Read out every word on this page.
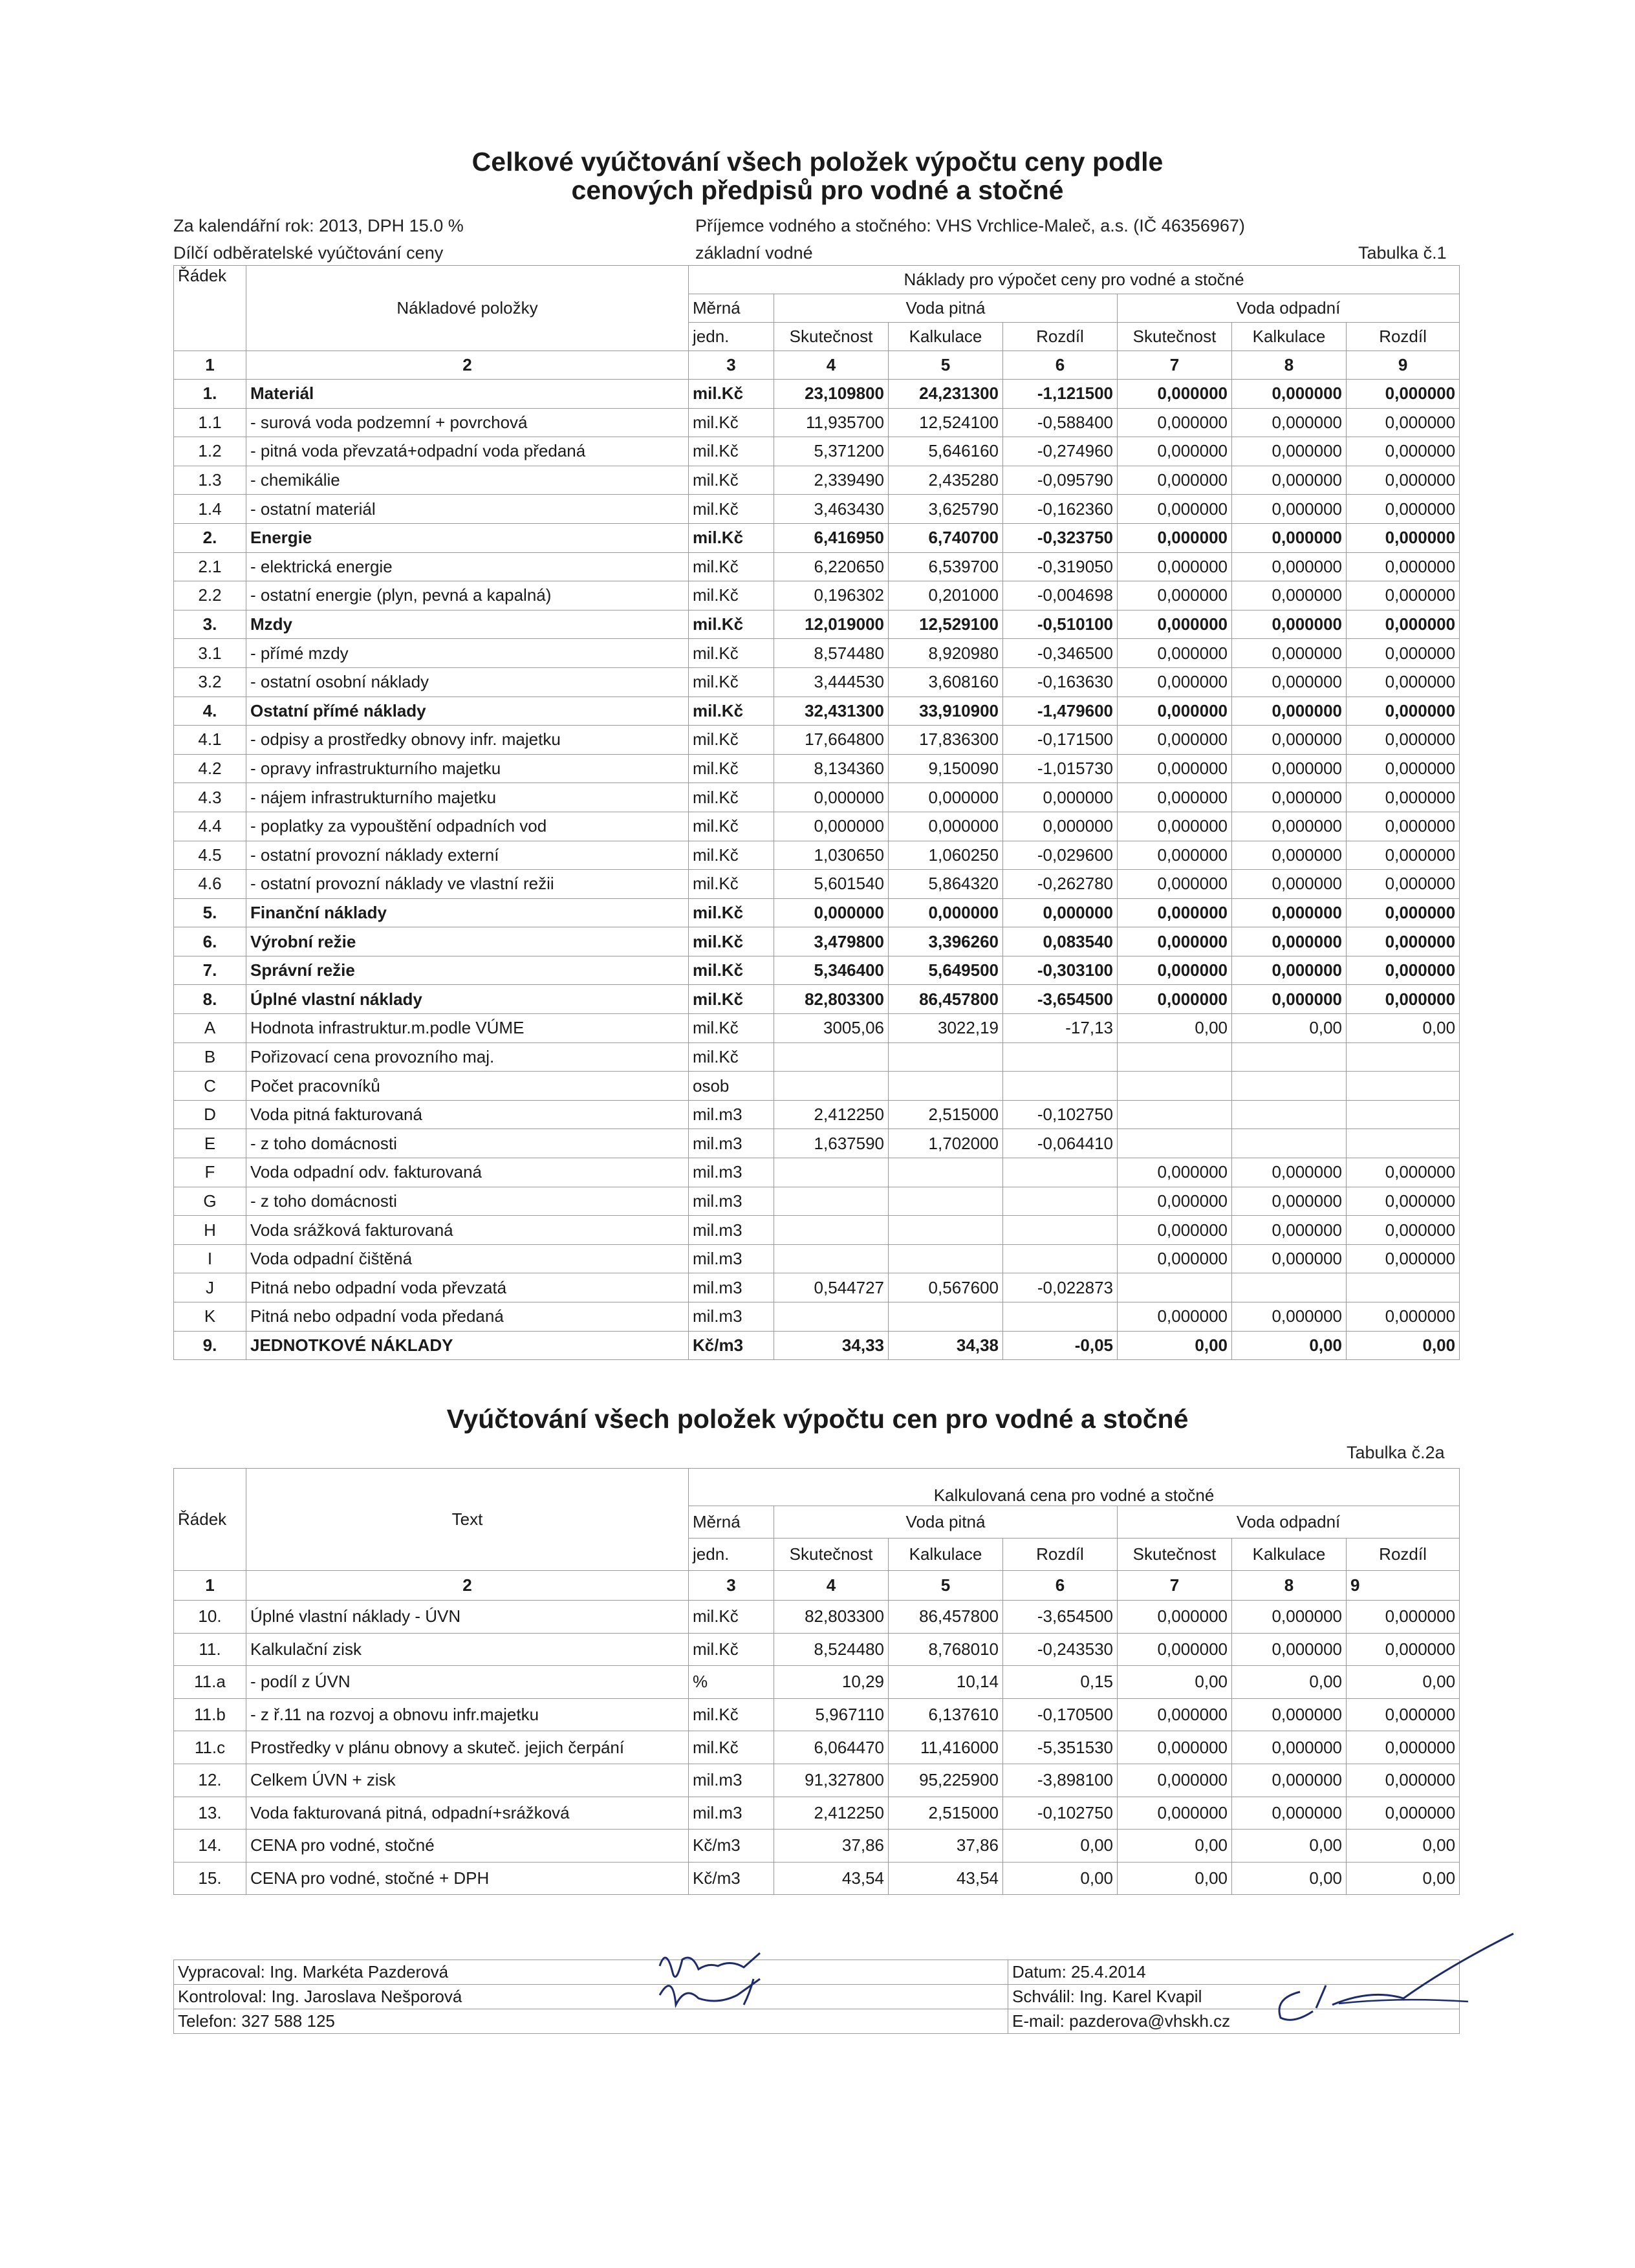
Celkové vyúčtování všech položek výpočtu ceny podle
cenových předpisů pro vodné a stočné
Za kalendářní rok: 2013, DPH 15.0 %	Příjemce vodného a stočného: VHS Vrchlice-Maleč, a.s. (IČ 46356967)
Dílčí odběratelské vyúčtování ceny	základní vodné	Tabulka č.1
Řádek	Nákladové položky	Náklady pro výpočet ceny pro vodné a stočné						
		Měrná	Voda pitná			Voda odpadní		
		jedn.	Skutečnost	Kalkulace	Rozdíl	Skutečnost	Kalkulace	Rozdíl
1	2	3	4	5	6	7	8	9
1.	Materiál	mil.Kč	23,109800	24,231300	-1,121500	0,000000	0,000000	0,000000
1.1	- surová voda podzemní + povrchová	mil.Kč	11,935700	12,524100	-0,588400	0,000000	0,000000	0,000000
1.2	- pitná voda převzatá+odpadní voda předaná	mil.Kč	5,371200	5,646160	-0,274960	0,000000	0,000000	0,000000
1.3	- chemikálie	mil.Kč	2,339490	2,435280	-0,095790	0,000000	0,000000	0,000000
1.4	- ostatní materiál	mil.Kč	3,463430	3,625790	-0,162360	0,000000	0,000000	0,000000
2.	Energie	mil.Kč	6,416950	6,740700	-0,323750	0,000000	0,000000	0,000000
2.1	- elektrická energie	mil.Kč	6,220650	6,539700	-0,319050	0,000000	0,000000	0,000000
2.2	- ostatní energie (plyn, pevná a kapalná)	mil.Kč	0,196302	0,201000	-0,004698	0,000000	0,000000	0,000000
3.	Mzdy	mil.Kč	12,019000	12,529100	-0,510100	0,000000	0,000000	0,000000
3.1	- přímé mzdy	mil.Kč	8,574480	8,920980	-0,346500	0,000000	0,000000	0,000000
3.2	- ostatní osobní náklady	mil.Kč	3,444530	3,608160	-0,163630	0,000000	0,000000	0,000000
4.	Ostatní přímé náklady	mil.Kč	32,431300	33,910900	-1,479600	0,000000	0,000000	0,000000
4.1	- odpisy a prostředky obnovy infr. majetku	mil.Kč	17,664800	17,836300	-0,171500	0,000000	0,000000	0,000000
4.2	- opravy infrastrukturního majetku	mil.Kč	8,134360	9,150090	-1,015730	0,000000	0,000000	0,000000
4.3	- nájem infrastrukturního majetku	mil.Kč	0,000000	0,000000	0,000000	0,000000	0,000000	0,000000
4.4	- poplatky za vypouštění odpadních vod	mil.Kč	0,000000	0,000000	0,000000	0,000000	0,000000	0,000000
4.5	- ostatní provozní náklady externí	mil.Kč	1,030650	1,060250	-0,029600	0,000000	0,000000	0,000000
4.6	- ostatní provozní náklady ve vlastní režii	mil.Kč	5,601540	5,864320	-0,262780	0,000000	0,000000	0,000000
5.	Finanční náklady	mil.Kč	0,000000	0,000000	0,000000	0,000000	0,000000	0,000000
6.	Výrobní režie	mil.Kč	3,479800	3,396260	0,083540	0,000000	0,000000	0,000000
7.	Správní režie	mil.Kč	5,346400	5,649500	-0,303100	0,000000	0,000000	0,000000
8.	Úplné vlastní náklady	mil.Kč	82,803300	86,457800	-3,654500	0,000000	0,000000	0,000000
A	Hodnota infrastruktur.m.podle VÚME	mil.Kč	3005,06	3022,19	-17,13	0,00	0,00	0,00
B	Pořizovací cena provozního maj.	mil.Kč						
C	Počet pracovníků	osob						
D	Voda pitná fakturovaná	mil.m3	2,412250	2,515000	-0,102750			
E	- z toho domácnosti	mil.m3	1,637590	1,702000	-0,064410			
F	Voda odpadní odv. fakturovaná	mil.m3				0,000000	0,000000	0,000000
G	- z toho domácnosti	mil.m3				0,000000	0,000000	0,000000
H	Voda srážková fakturovaná	mil.m3				0,000000	0,000000	0,000000
I	Voda odpadní čištěná	mil.m3				0,000000	0,000000	0,000000
J	Pitná nebo odpadní voda převzatá	mil.m3	0,544727	0,567600	-0,022873			
K	Pitná nebo odpadní voda předaná	mil.m3				0,000000	0,000000	0,000000
9.	JEDNOTKOVÉ NÁKLADY	Kč/m3	34,33	34,38	-0,05	0,00	0,00	0,00
Vyúčtování všech položek výpočtu cen pro vodné a stočné
Tabulka č.2a
Řádek	Text	Kalkulovaná cena pro vodné a stočné						
		Měrná	Voda pitná			Voda odpadní		
		jedn.	Skutečnost	Kalkulace	Rozdíl	Skutečnost	Kalkulace	Rozdíl
1	2	3	4	5	6	7	8	9
10.	Úplné vlastní náklady - ÚVN	mil.Kč	82,803300	86,457800	-3,654500	0,000000	0,000000	0,000000
11.	Kalkulační zisk	mil.Kč	8,524480	8,768010	-0,243530	0,000000	0,000000	0,000000
11.a	- podíl z ÚVN	%	10,29	10,14	0,15	0,00	0,00	0,00
11.b	- z ř.11 na rozvoj a obnovu infr.majetku	mil.Kč	5,967110	6,137610	-0,170500	0,000000	0,000000	0,000000
11.c	Prostředky v plánu obnovy a skuteč. jejich čerpání	mil.Kč	6,064470	11,416000	-5,351530	0,000000	0,000000	0,000000
12.	Celkem ÚVN + zisk	mil.m3	91,327800	95,225900	-3,898100	0,000000	0,000000	0,000000
13.	Voda fakturovaná pitná, odpadní+srážková	mil.m3	2,412250	2,515000	-0,102750	0,000000	0,000000	0,000000
14.	CENA pro vodné, stočné	Kč/m3	37,86	37,86	0,00	0,00	0,00	0,00
15.	CENA pro vodné, stočné + DPH	Kč/m3	43,54	43,54	0,00	0,00	0,00	0,00
Vypracoval: Ing. Markéta Pazderová	Datum: 25.4.2014
Kontroloval: Ing. Jaroslava Nešporová	Schválil: Ing. Karel Kvapil
Telefon: 327 588 125	E-mail: pazderova@vhskh.cz
